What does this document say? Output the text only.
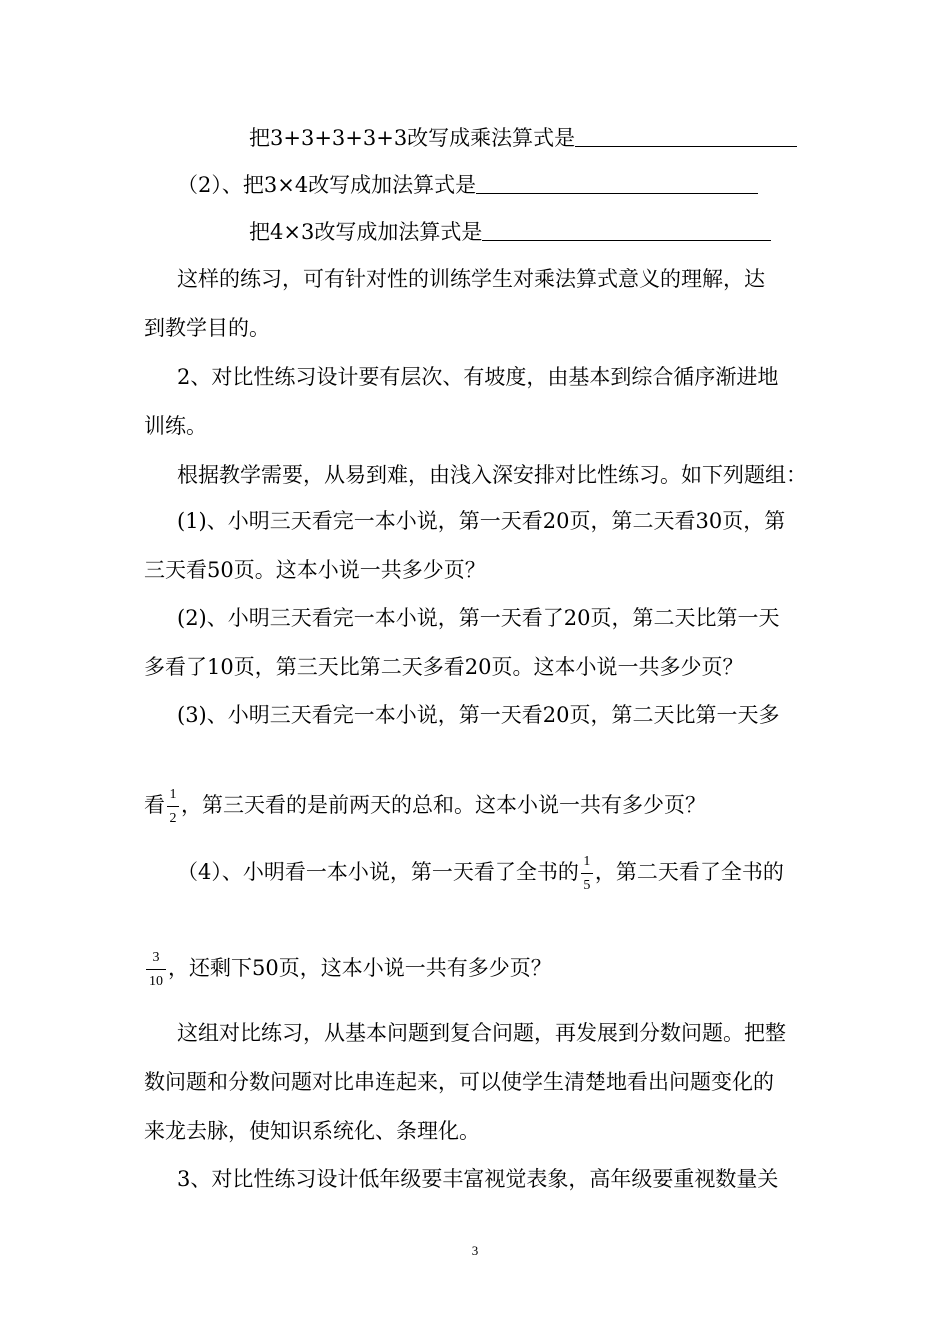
把3+3+3+3+3改写成乘法算式是
（2）、把3×4改写成加法算式是
把4×3改写成加法算式是
这样的练习，可有针对性的训练学生对乘法算式意义的理解，达
到教学目的。
2、对比性练习设计要有层次、有坡度，由基本到综合循序渐进地
训练。
根据教学需要，从易到难，由浅入深安排对比性练习。如下列题组：
(1)、小明三天看完一本小说，第一天看20页，第二天看30页，第
三天看50页。这本小说一共多少页？
(2)、小明三天看完一本小说，第一天看了20页，第二天比第一天
多看了10页，第三天比第二天多看20页。这本小说一共多少页？
(3)、小明三天看完一本小说，第一天看20页，第二天比第一天多
看 $\frac{1}{2}$ ，第三天看的是前两天的总和。这本小说一共有多少页？
（4）、小明看一本小说，第一天看了全书的 $\frac{1}{5}$ ，第二天看了全书的
$\frac{3}{10}$ ，还剩下50页，这本小说一共有多少页？
这组对比练习，从基本问题到复合问题，再发展到分数问题。把整
数问题和分数问题对比串连起来，可以使学生清楚地看出问题变化的
来龙去脉，使知识系统化、条理化。
3、对比性练习设计低年级要丰富视觉表象，高年级要重视数量关
3
